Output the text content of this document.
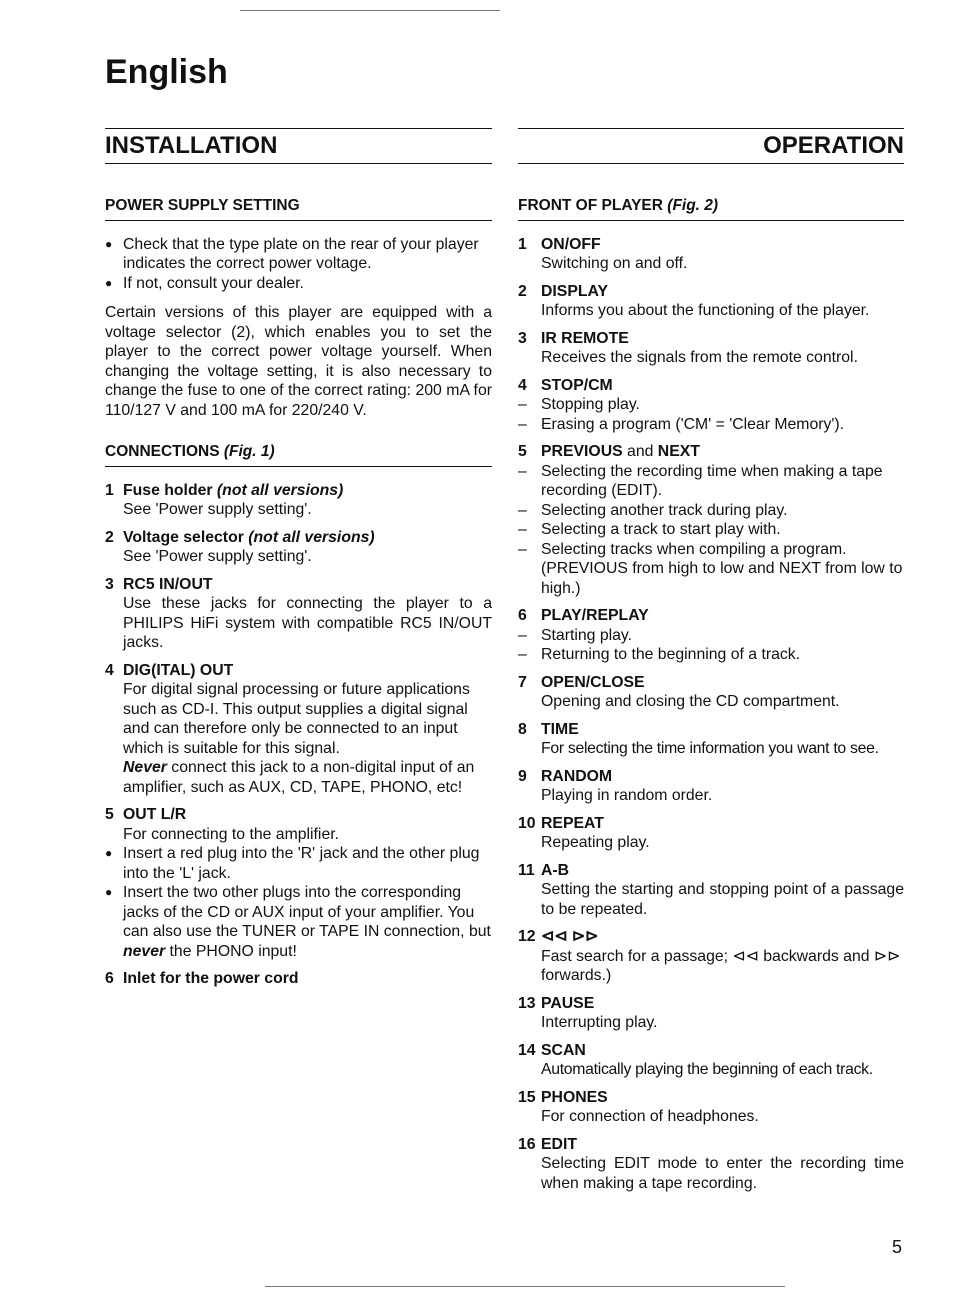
English
INSTALLATION	OPERATION
POWER SUPPLY SETTING

● Check that the type plate on the rear of your player indicates the correct power voltage.

● If not, consult your dealer.

Certain versions of this player are equipped with a voltage selector (2), which enables you to set the player to the correct power voltage yourself. When changing the voltage setting, it is also necessary to change the fuse to one of the correct rating: 200 mA for 110/127 V and 100 mA for 220/240 V.

CONNECTIONS (Fig. 1)
1 Fuse holder (not all versions)
See 'Power supply setting'.
2 Voltage selector (not all versions)
See 'Power supply setting'.
3 RC5 IN/OUT
Use these jacks for connecting the player to a PHILIPS HiFi system with compatible RC5 IN/OUT jacks.
4 DIG(ITAL) OUT
For digital signal processing or future applications such as CD-I. This output supplies a digital signal and can therefore only be connected to an input which is suitable for this signal.
Never connect this jack to a non-digital input of an amplifier, such as AUX, CD, TAPE, PHONO, etc!
5 OUT L/R
For connecting to the amplifier.
● Insert a red plug into the 'R' jack and the other plug into the 'L' jack.
● Insert the two other plugs into the corresponding jacks of the CD or AUX input of your amplifier. You can also use the TUNER or TAPE IN connection, but never the PHONO input!
6 Inlet for the power cord
FRONT OF PLAYER (Fig. 2)
1 ON/OFF
Switching on and off.
2 DISPLAY
Informs you about the functioning of the player.
3 IR REMOTE
Receives the signals from the remote control.
4 STOP/CM
– Stopping play.
– Erasing a program ('CM' = 'Clear Memory').
5 PREVIOUS and NEXT
– Selecting the recording time when making a tape recording (EDIT).
– Selecting another track during play.
– Selecting a track to start play with.
– Selecting tracks when compiling a program. (PREVIOUS from high to low and NEXT from low to high.)
6 PLAY/REPLAY
– Starting play.
– Returning to the beginning of a track.
7 OPEN/CLOSE
Opening and closing the CD compartment.
8 TIME
For selecting the time information you want to see.
9 RANDOM
Playing in random order.
10 REPEAT
Repeating play.
11 A-B
Setting the starting and stopping point of a passage to be repeated.
12 ⊲⊲ ⊳⊳
Fast search for a passage; ⊲⊲ backwards and ⊳⊳ forwards.)
13 PAUSE
Interrupting play.
14 SCAN
Automatically playing the beginning of each track.
15 PHONES
For connection of headphones.
16 EDIT
Selecting EDIT mode to enter the recording time when making a tape recording.
5
